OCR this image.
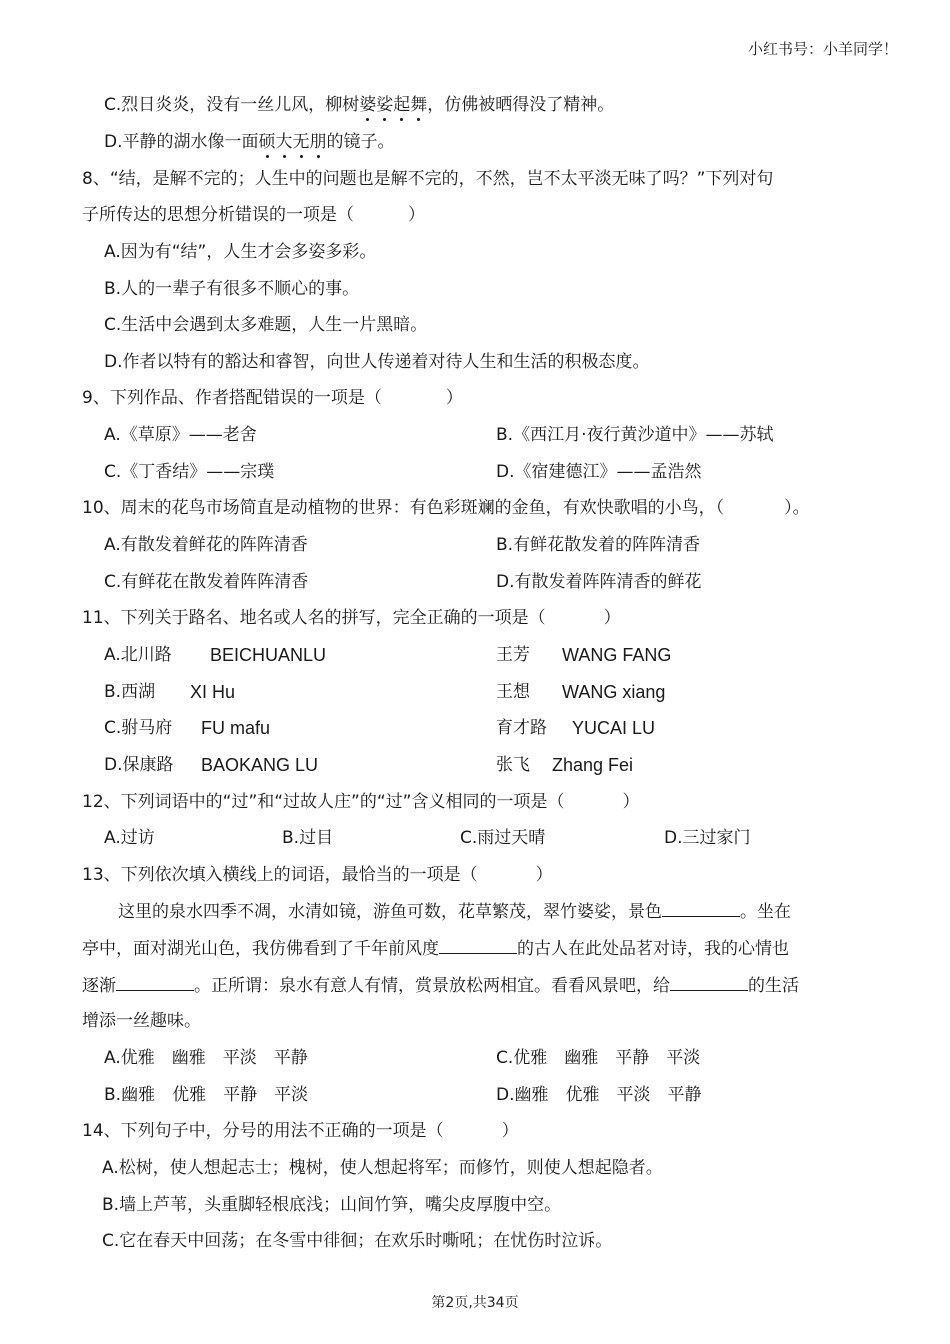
小红书号：小羊同学！
C.烈日炎炎，没有一丝儿风，柳树婆娑起舞，仿佛被晒得没了精神。
D.平静的湖水像一面硕大无朋的镜子。
8、“结，是解不完的；人生中的问题也是解不完的，不然，岂不太平淡无味了吗？”下列对句
子所传达的思想分析错误的一项是（	）
A.因为有“结”，人生才会多姿多彩。
B.人的一辈子有很多不顺心的事。
C.生活中会遇到太多难题，人生一片黑暗。
D.作者以特有的豁达和睿智，向世人传递着对待人生和生活的积极态度。
9、下列作品、作者搭配错误的一项是（	）
A.《草原》——老舍	B.《西江月·夜行黄沙道中》——苏轼
C.《丁香结》——宗璞	D.《宿建德江》——孟浩然
10、周末的花鸟市场简直是动植物的世界：有色彩斑斓的金鱼，有欢快歌唱的小鸟，（	）。
A.有散发着鲜花的阵阵清香	B.有鲜花散发着的阵阵清香
C.有鲜花在散发着阵阵清香	D.有散发着阵阵清香的鲜花
11、下列关于路名、地名或人名的拼写，完全正确的一项是（	）
A.北川路 BEICHUANLU	王芳 WANG FANG
B.西湖 XI Hu	王想 WANG xiang
C.驸马府 FU mafu	育才路 YUCAI LU
D.保康路 BAOKANG LU	张飞 Zhang Fei
12、下列词语中的“过”和“过故人庄”的“过”含义相同的一项是（	）
A.过访	B.过目	C.雨过天晴	D.三过家门
13、下列依次填入横线上的词语，最恰当的一项是（	）
这里的泉水四季不凋，水清如镜，游鱼可数，花草繁茂，翠竹婆娑，景色	。坐在
亭中，面对湖光山色，我仿佛看到了千年前风度	的古人在此处品茗对诗，我的心情也
逐渐	。正所谓：泉水有意人有情，赏景放松两相宜。看看风景吧，给	的生活
增添一丝趣味。
A.优雅　幽雅　平淡　平静	C.优雅　幽雅　平静　平淡
B.幽雅　优雅　平静　平淡	D.幽雅　优雅　平淡　平静
14、下列句子中，分号的用法不正确的一项是（	）
A.松树，使人想起志士；槐树，使人想起将军；而修竹，则使人想起隐者。
B.墙上芦苇，头重脚轻根底浅；山间竹笋，嘴尖皮厚腹中空。
C.它在春天中回荡；在冬雪中徘徊；在欢乐时嘶吼；在忧伤时泣诉。
第2页,共34页
